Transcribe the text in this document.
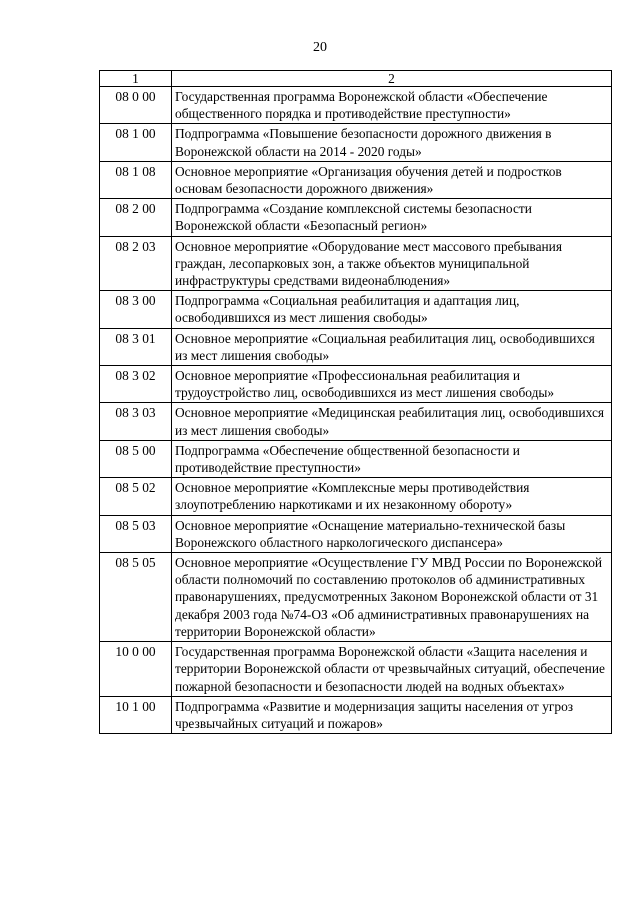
20
1	2
08 0 00	Государственная программа Воронежской области «Обеспечение общественного порядка и противодействие преступности»
08 1 00	Подпрограмма «Повышение безопасности дорожного движения в Воронежской области на 2014 - 2020 годы»
08 1 08	Основное мероприятие «Организация обучения детей и подростков основам безопасности дорожного движения»
08 2 00	Подпрограмма «Создание комплексной системы безопасности Воронежской области «Безопасный регион»
08 2 03	Основное мероприятие «Оборудование мест массового пребывания граждан, лесопарковых зон, а также объектов муниципальной инфраструктуры средствами видеонаблюдения»
08 3 00	Подпрограмма «Социальная реабилитация и адаптация лиц, освободившихся из мест лишения свободы»
08 3 01	Основное мероприятие «Социальная реабилитация лиц, освободившихся из мест лишения свободы»
08 3 02	Основное мероприятие «Профессиональная реабилитация и трудоустройство лиц, освободившихся из мест лишения свободы»
08 3 03	Основное мероприятие «Медицинская реабилитация лиц, освободившихся из мест лишения свободы»
08 5 00	Подпрограмма «Обеспечение общественной безопасности и противодействие преступности»
08 5 02	Основное мероприятие «Комплексные меры противодействия злоупотреблению наркотиками и их незаконному обороту»
08 5 03	Основное мероприятие «Оснащение материально-технической базы Воронежского областного наркологического диспансера»
08 5 05	Основное мероприятие «Осуществление ГУ МВД России по Воронежской области полномочий по составлению протоколов об административных правонарушениях, предусмотренных Законом Воронежской области от 31 декабря 2003 года №74-ОЗ «Об административных правонарушениях на территории Воронежской области»
10 0 00	Государственная программа Воронежской области «Защита населения и территории Воронежской области от чрезвычайных ситуаций, обеспечение пожарной безопасности и безопасности людей на водных объектах»
10 1 00	Подпрограмма «Развитие и модернизация защиты населения от угроз чрезвычайных ситуаций и пожаров»
